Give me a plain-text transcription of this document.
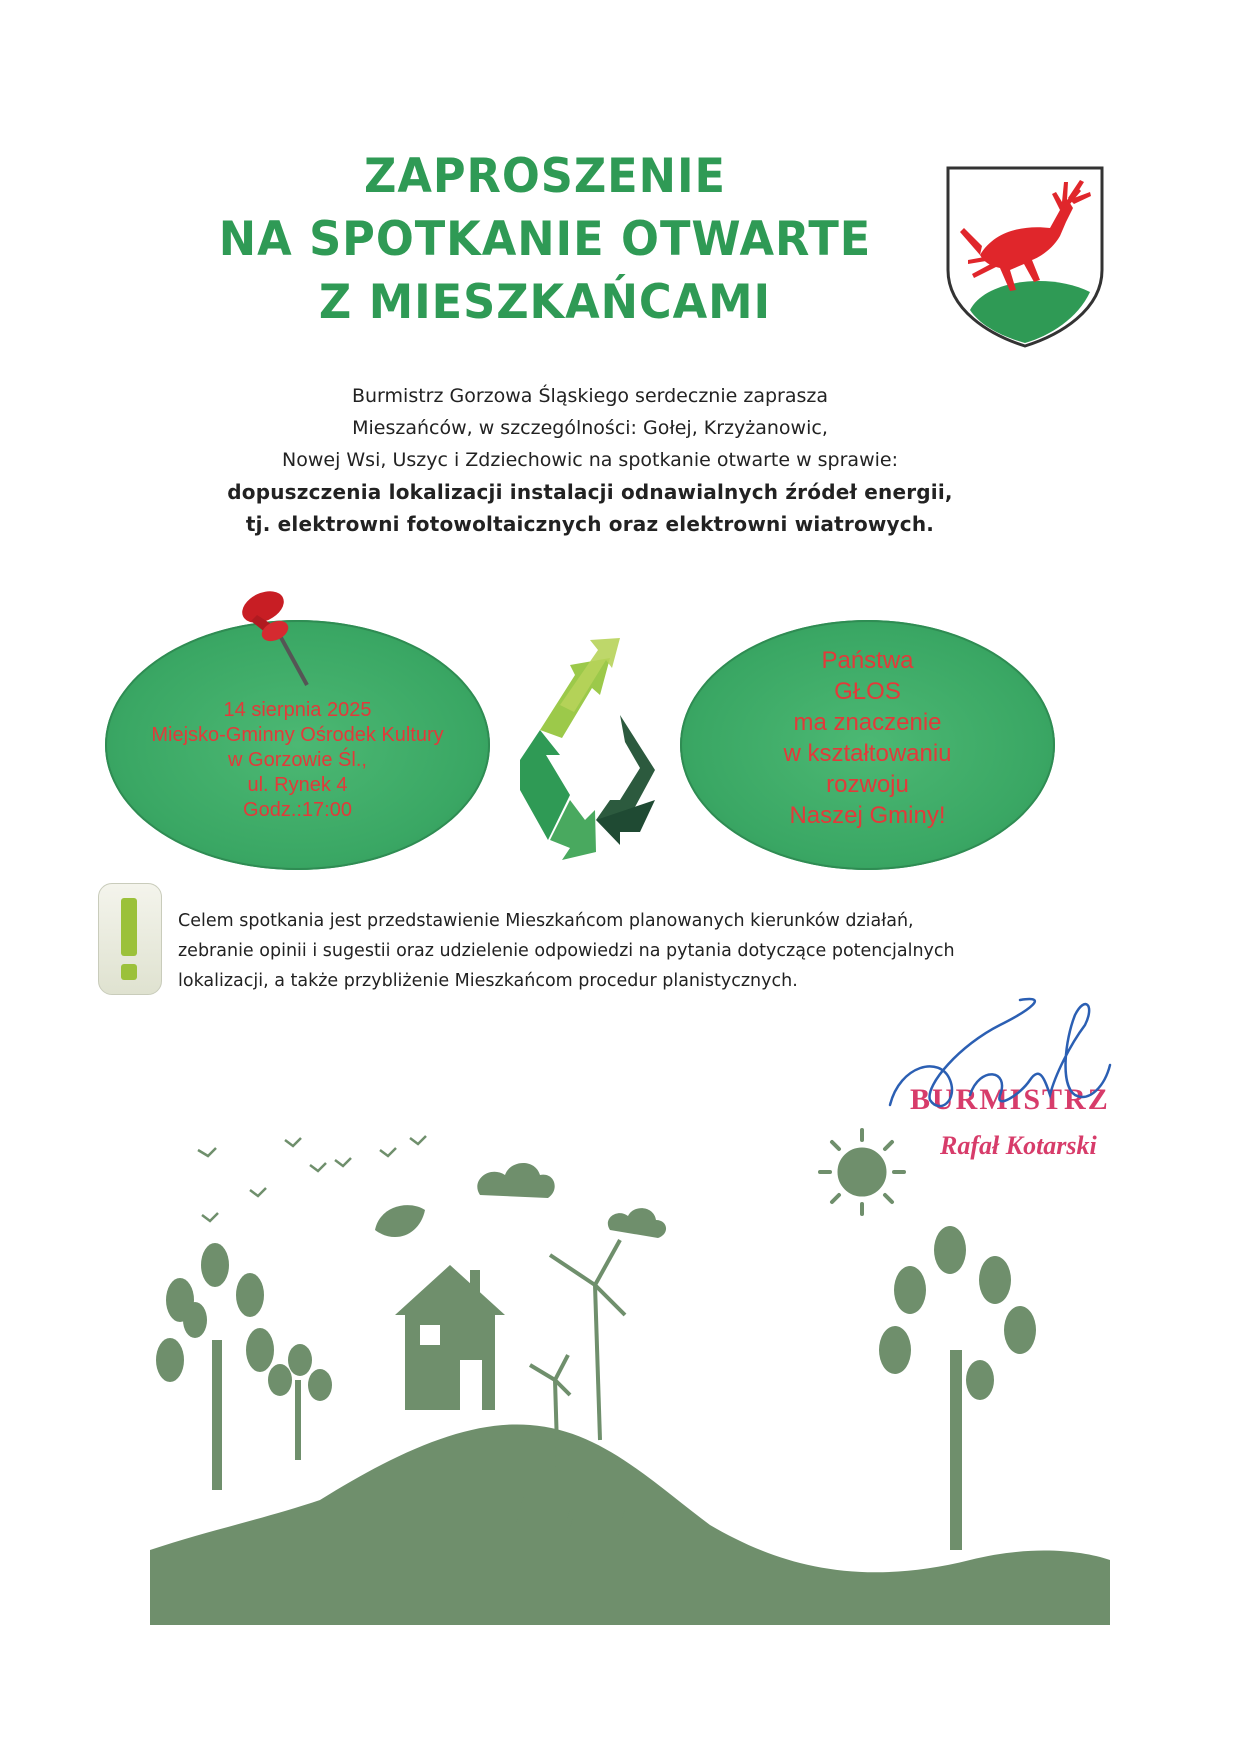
ZAPROSZENIE
NA SPOTKANIE OTWARTE
Z MIESZKAŃCAMI
Burmistrz Gorzowa Śląskiego serdecznie zaprasza
Mieszańców, w szczególności: Gołej, Krzyżanowic,
Nowej Wsi, Uszyc i Zdziechowic na spotkanie otwarte w sprawie:
dopuszczenia lokalizacji instalacji odnawialnych źródeł energii,
tj. elektrowni fotowoltaicznych oraz elektrowni wiatrowych.
14 sierpnia 2025
Miejsko-Gminny Ośrodek Kultury
w Gorzowie Śl.,
ul. Rynek 4
Godz.:17:00
Państwa
GŁOS
ma znaczenie
w kształtowaniu
rozwoju
Naszej Gminy!
Celem spotkania jest przedstawienie Mieszkańcom planowanych kierunków działań,
zebranie opinii i sugestii oraz udzielenie odpowiedzi na pytania dotyczące potencjalnych
lokalizacji, a także przybliżenie Mieszkańcom procedur planistycznych.
BURMISTRZ
Rafał Kotarski
